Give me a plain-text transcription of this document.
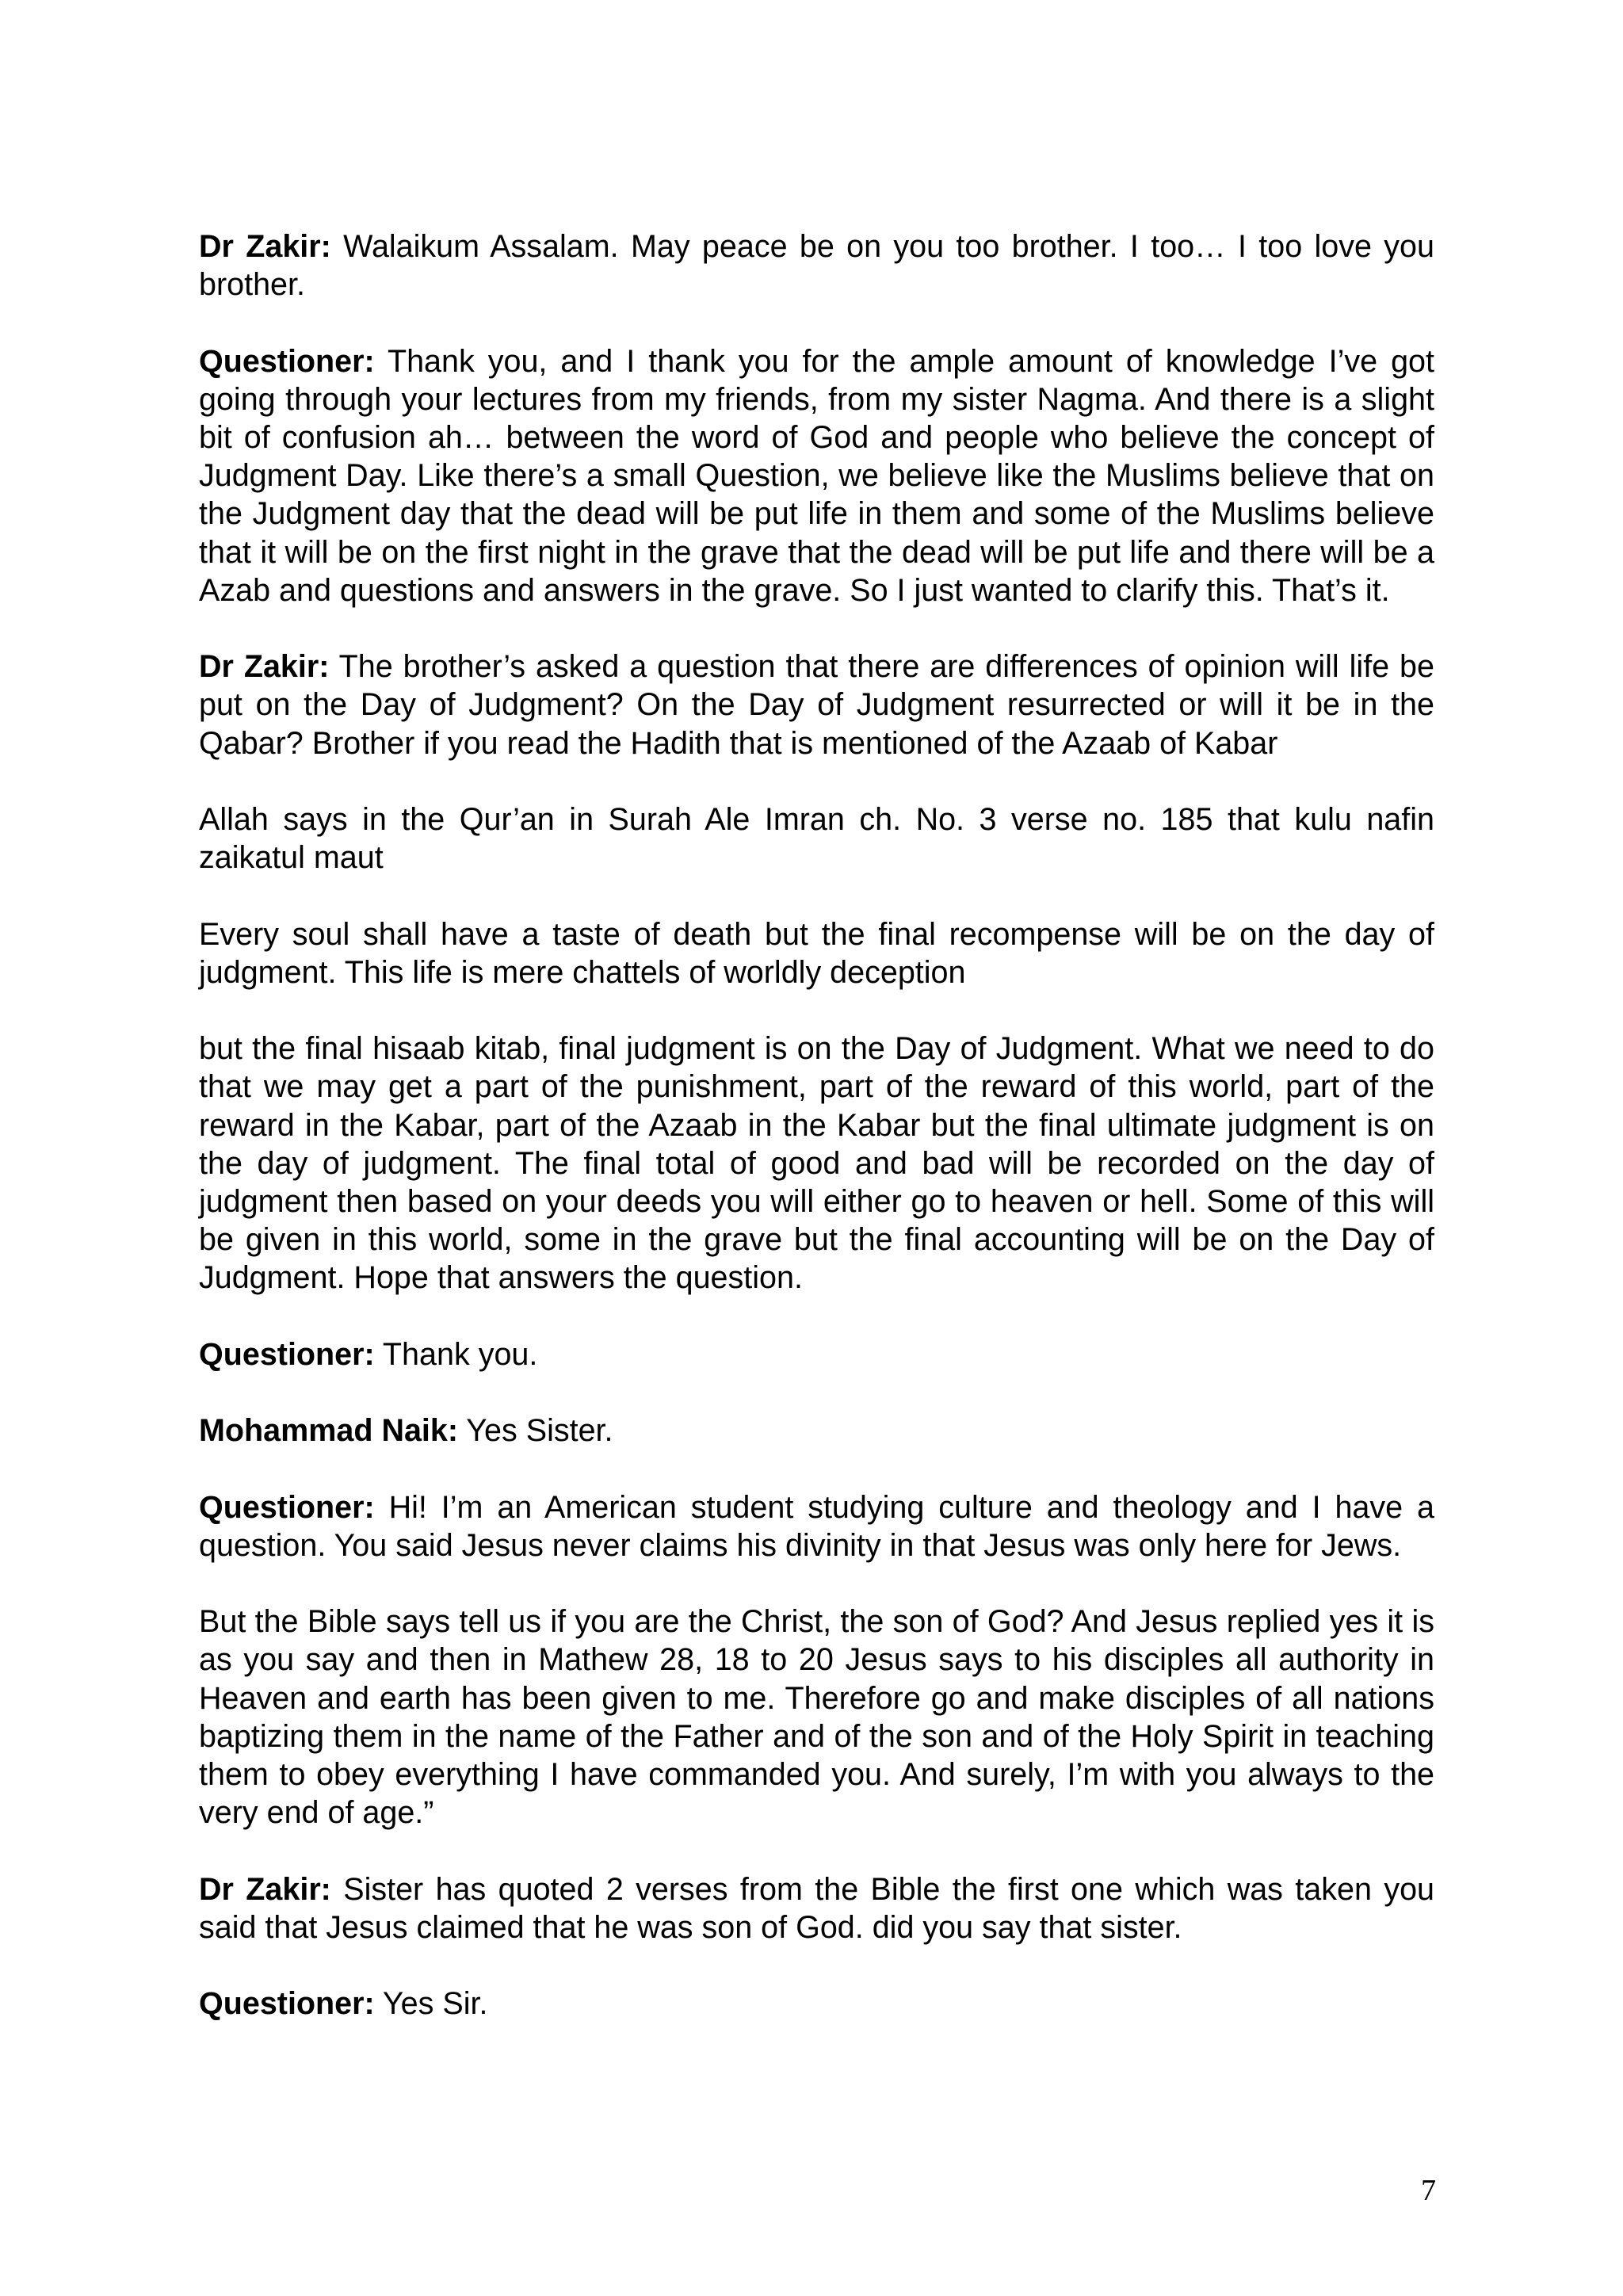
Dr Zakir: Walaikum Assalam. May peace be on you too brother. I too… I too love you brother.

Questioner: Thank you, and I thank you for the ample amount of knowledge I’ve got going through your lectures from my friends, from my sister Nagma. And there is a slight bit of confusion ah… between the word of God and people who believe the concept of Judgment Day. Like there’s a small Question, we believe like the Muslims believe that on the Judgment day that the dead will be put life in them and some of the Muslims believe that it will be on the first night in the grave that the dead will be put life and there will be a Azab and questions and answers in the grave. So I just wanted to clarify this. That’s it.

Dr Zakir: The brother’s asked a question that there are differences of opinion will life be put on the Day of Judgment? On the Day of Judgment resurrected or will it be in the Qabar? Brother if you read the Hadith that is mentioned of the Azaab of Kabar

Allah says in the Qur’an in Surah Ale Imran ch. No. 3 verse no. 185 that kulu nafin zaikatul maut

Every soul shall have a taste of death but the final recompense will be on the day of judgment. This life is mere chattels of worldly deception

but the final hisaab kitab, final judgment is on the Day of Judgment. What we need to do that we may get a part of the punishment, part of the reward of this world, part of the reward in the Kabar, part of the Azaab in the Kabar but the final ultimate judgment is on the day of judgment. The final total of good and bad will be recorded on the day of judgment then based on your deeds you will either go to heaven or hell. Some of this will be given in this world, some in the grave but the final accounting will be on the Day of Judgment. Hope that answers the question.

Questioner: Thank you.

Mohammad Naik: Yes Sister.

Questioner: Hi! I’m an American student studying culture and theology and I have a question. You said Jesus never claims his divinity in that Jesus was only here for Jews.

But the Bible says tell us if you are the Christ, the son of God? And Jesus replied yes it is as you say and then in Mathew 28, 18 to 20 Jesus says to his disciples all authority in Heaven and earth has been given to me. Therefore go and make disciples of all nations baptizing them in the name of the Father and of the son and of the Holy Spirit in teaching them to obey everything I have commanded you. And surely, I’m with you always to the very end of age.”

Dr Zakir: Sister has quoted 2 verses from the Bible the first one which was taken you said that Jesus claimed that he was son of God. did you say that sister.

Questioner: Yes Sir.

7
